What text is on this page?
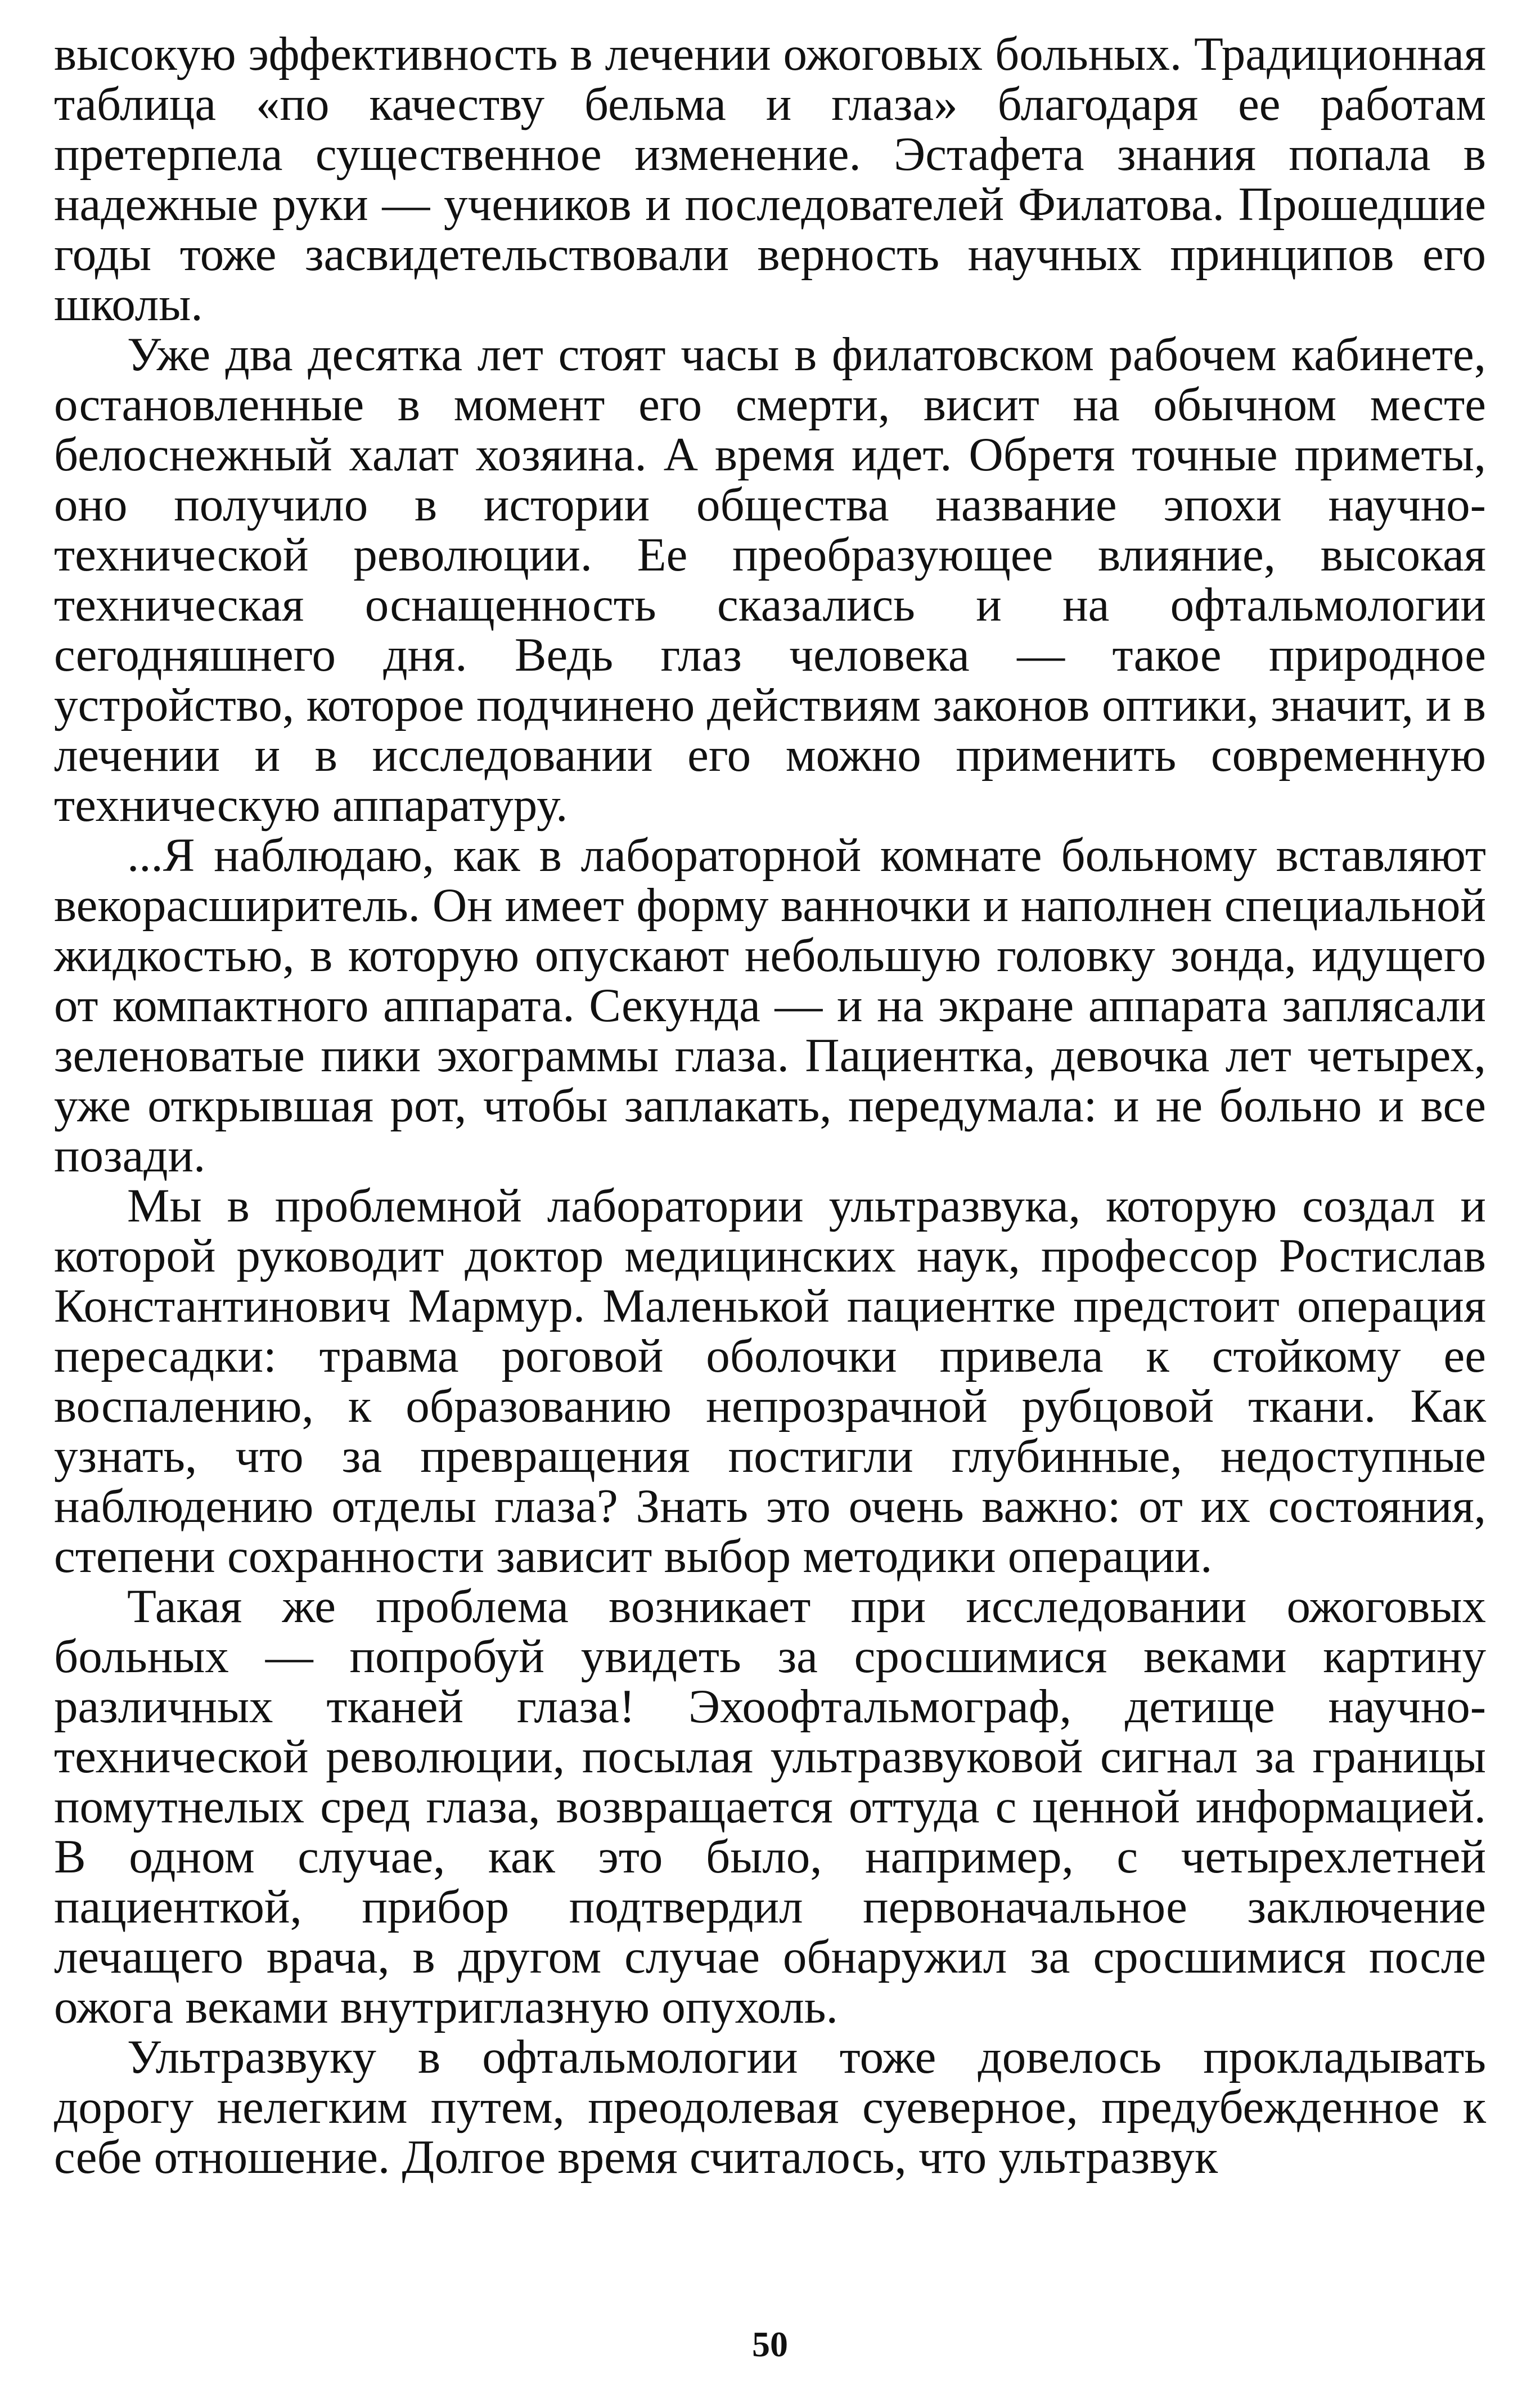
высокую эффективность в лечении ожоговых больных. Традиционная таблица «по качеству бельма и глаза» благодаря ее работам претерпела существенное изменение. Эстафета знания попала в надежные руки — учеников и последователей Филатова. Прошедшие годы тоже засвидетельствовали верность научных принципов его школы.

Уже два десятка лет стоят часы в филатовском рабочем кабинете, остановленные в момент его смерти, висит на обычном месте белоснежный халат хозяина. А время идет. Обретя точные приметы, оно получило в истории общества название эпохи научно-технической революции. Ее преобразующее влияние, высокая техническая оснащенность сказались и на офтальмологии сегодняшнего дня. Ведь глаз человека — такое природное устройство, которое подчинено действиям законов оптики, значит, и в лечении и в исследовании его можно применить современную техническую аппаратуру.

...Я наблюдаю, как в лабораторной комнате больному вставляют векорасширитель. Он имеет форму ванночки и наполнен специальной жидкостью, в которую опускают небольшую головку зонда, идущего от компактного аппарата. Секунда — и на экране аппарата заплясали зеленоватые пики эхограммы глаза. Пациентка, девочка лет четырех, уже открывшая рот, чтобы заплакать, передумала: и не больно и все позади.

Мы в проблемной лаборатории ультразвука, которую создал и которой руководит доктор медицинских наук, профессор Ростислав Константинович Мармур. Маленькой пациентке предстоит операция пересадки: травма роговой оболочки привела к стойкому ее воспалению, к образованию непрозрачной рубцовой ткани. Как узнать, что за превращения постигли глубинные, недоступные наблюдению отделы глаза? Знать это очень важно: от их состояния, степени сохранности зависит выбор методики операции.

Такая же проблема возникает при исследовании ожоговых больных — попробуй увидеть за сросшимися веками картину различных тканей глаза! Эхоофтальмограф, детище научно-технической революции, посылая ультразвуковой сигнал за границы помутнелых сред глаза, возвращается оттуда с ценной информацией. В одном случае, как это было, например, с четырехлетней пациенткой, прибор подтвердил первоначальное заключение лечащего врача, в другом случае обнаружил за сросшимися после ожога веками внутриглазную опухоль.

Ультразвуку в офтальмологии тоже довелось прокладывать дорогу нелегким путем, преодолевая суеверное, предубежденное к себе отношение. Долгое время считалось, что ультразвук

50
